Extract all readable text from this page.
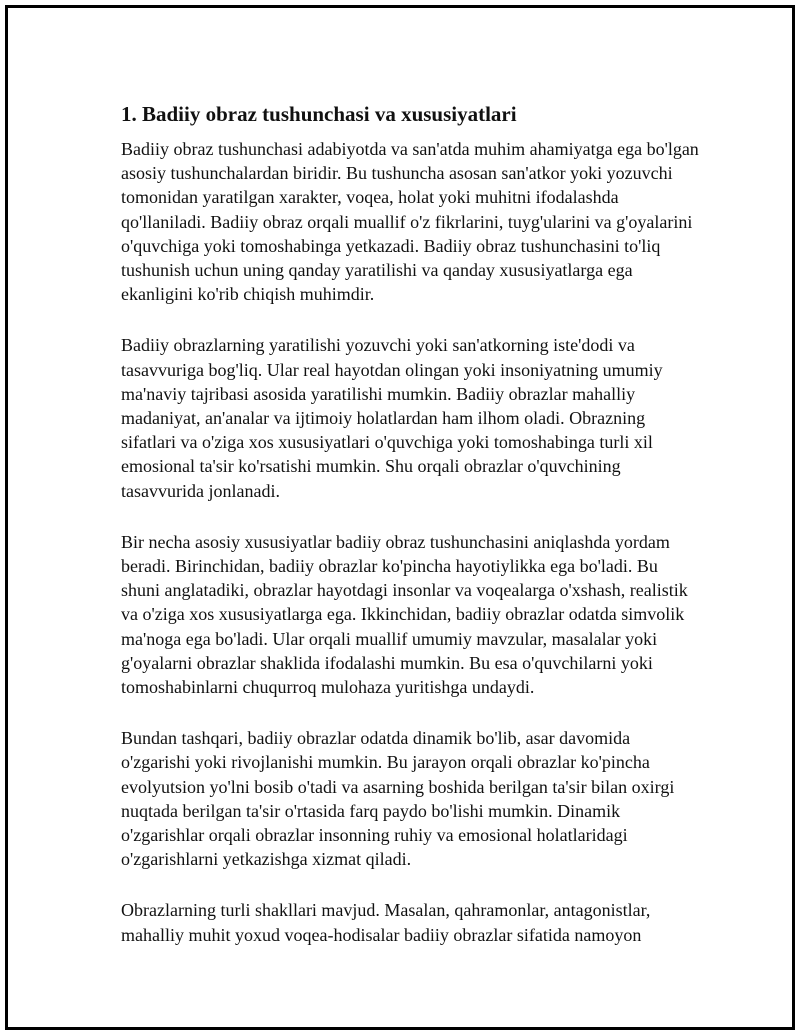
1. Badiiy obraz tushunchasi va xususiyatlari

Badiiy obraz tushunchasi adabiyotda va san'atda muhim ahamiyatga ega bo'lgan asosiy tushunchalardan biridir. Bu tushuncha asosan san'atkor yoki yozuvchi tomonidan yaratilgan xarakter, voqea, holat yoki muhitni ifodalashda qo'llaniladi. Badiiy obraz orqali muallif o'z fikrlarini, tuyg'ularini va g'oyalarini o'quvchiga yoki tomoshabinga yetkazadi. Badiiy obraz tushunchasini to'liq tushunish uchun uning qanday yaratilishi va qanday xususiyatlarga ega ekanligini ko'rib chiqish muhimdir.

Badiiy obrazlarning yaratilishi yozuvchi yoki san'atkorning iste'dodi va tasavvuriga bog'liq. Ular real hayotdan olingan yoki insoniyatning umumiy ma'naviy tajribasi asosida yaratilishi mumkin. Badiiy obrazlar mahalliy madaniyat, an'analar va ijtimoiy holatlardan ham ilhom oladi. Obrazning sifatlari va o'ziga xos xususiyatlari o'quvchiga yoki tomoshabinga turli xil emosional ta'sir ko'rsatishi mumkin. Shu orqali obrazlar o'quvchining tasavvurida jonlanadi.

Bir necha asosiy xususiyatlar badiiy obraz tushunchasini aniqlashda yordam beradi. Birinchidan, badiiy obrazlar ko'pincha hayotiylikka ega bo'ladi. Bu shuni anglatadiki, obrazlar hayotdagi insonlar va voqealarga o'xshash, realistik va o'ziga xos xususiyatlarga ega. Ikkinchidan, badiiy obrazlar odatda simvolik ma'noga ega bo'ladi. Ular orqali muallif umumiy mavzular, masalalar yoki g'oyalarni obrazlar shaklida ifodalashi mumkin. Bu esa o'quvchilarni yoki tomoshabinlarni chuqurroq mulohaza yuritishga undaydi.

Bundan tashqari, badiiy obrazlar odatda dinamik bo'lib, asar davomida o'zgarishi yoki rivojlanishi mumkin. Bu jarayon orqali obrazlar ko'pincha evolyutsion yo'lni bosib o'tadi va asarning boshida berilgan ta'sir bilan oxirgi nuqtada berilgan ta'sir o'rtasida farq paydo bo'lishi mumkin. Dinamik o'zgarishlar orqali obrazlar insonning ruhiy va emosional holatlaridagi o'zgarishlarni yetkazishga xizmat qiladi.

Obrazlarning turli shakllari mavjud. Masalan, qahramonlar, antagonistlar, mahalliy muhit yoxud voqea-hodisalar badiiy obrazlar sifatida namoyon
